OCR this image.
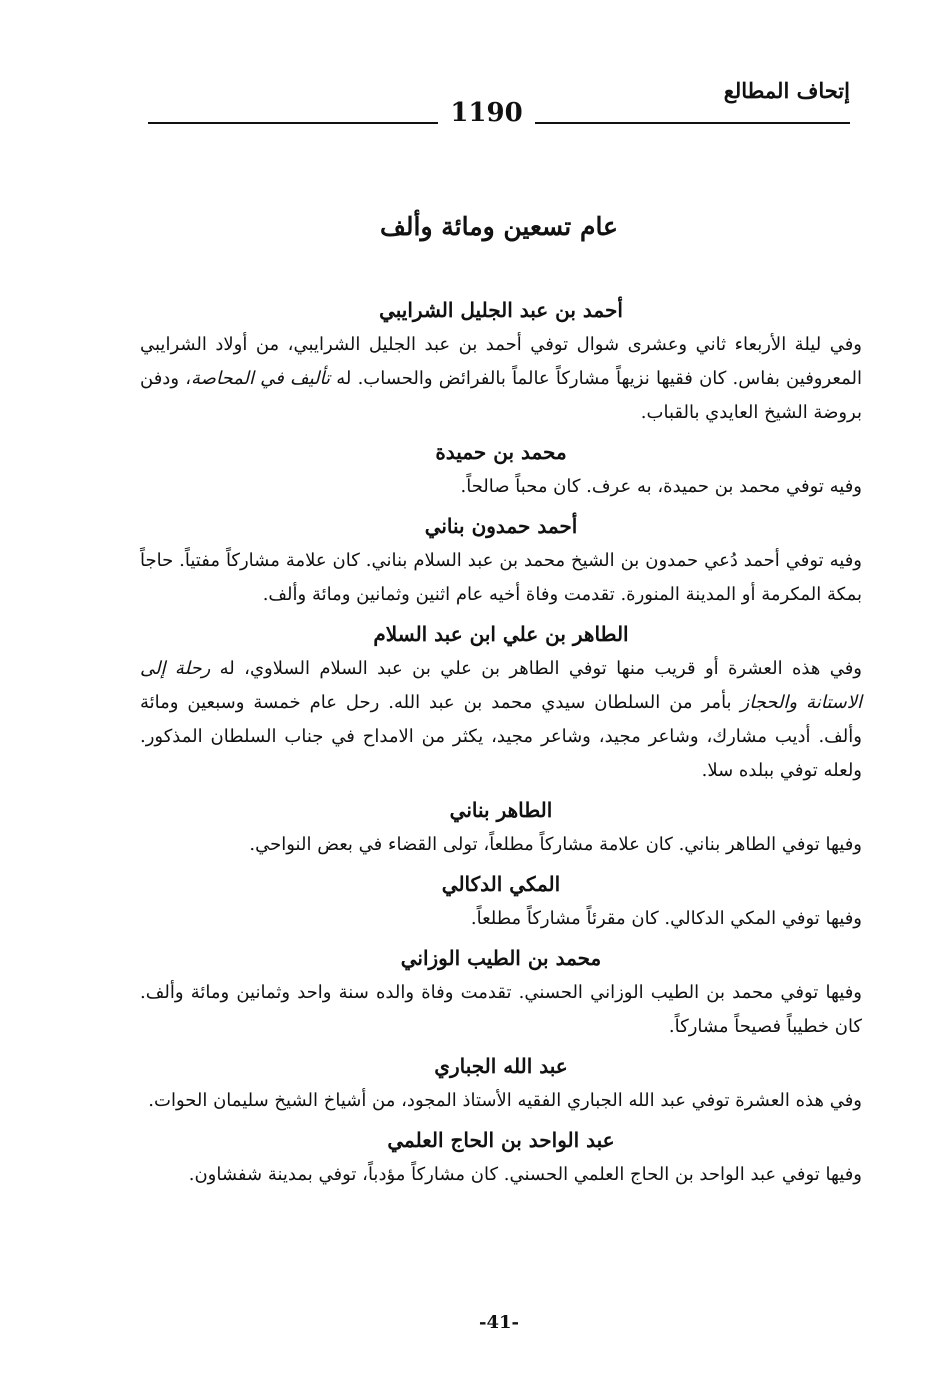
إتحاف المطالع
1190
عام تسعين ومائة وألف

أحمد بن عبد الجليل الشرايبي

وفي ليلة الأربعاء ثاني وعشرى شوال توفي أحمد بن عبد الجليل الشرايبي، من أولاد الشرايبي المعروفين بفاس. كان فقيها نزيهاً مشاركاً عالماً بالفرائض والحساب. له تأليف في المحاصة، ودفن بروضة الشيخ العايدي بالقباب.

محمد بن حميدة

وفيه توفي محمد بن حميدة، به عرف. كان محباً صالحاً.

أحمد حمدون بناني

وفيه توفي أحمد دُعي حمدون بن الشيخ محمد بن عبد السلام بناني. كان علامة مشاركاً مفتياً. حاجاً بمكة المكرمة أو المدينة المنورة. تقدمت وفاة أخيه عام اثنين وثمانين ومائة وألف.

الطاهر بن علي ابن عبد السلام

وفي هذه العشرة أو قريب منها توفي الطاهر بن علي بن عبد السلام السلاوي، له رحلة إلى الاستانة والحجاز بأمر من السلطان سيدي محمد بن عبد الله. رحل عام خمسة وسبعين ومائة وألف. أديب مشارك، وشاعر مجيد، وشاعر مجيد، يكثر من الامداح في جناب السلطان المذكور. ولعله توفي ببلده سلا.

الطاهر بناني

وفيها توفي الطاهر بناني. كان علامة مشاركاً مطلعاً، تولى القضاء في بعض النواحي.

المكي الدكالي

وفيها توفي المكي الدكالي. كان مقرئاً مشاركاً مطلعاً.

محمد بن الطيب الوزاني

وفيها توفي محمد بن الطيب الوزاني الحسني. تقدمت وفاة والده سنة واحد وثمانين ومائة وألف. كان خطيباً فصيحاً مشاركاً.

عبد الله الجباري

وفي هذه العشرة توفي عبد الله الجباري الفقيه الأستاذ المجود، من أشياخ الشيخ سليمان الحوات.

عبد الواحد بن الحاج العلمي

وفيها توفي عبد الواحد بن الحاج العلمي الحسني. كان مشاركاً مؤدباً، توفي بمدينة شفشاون.

-41-
